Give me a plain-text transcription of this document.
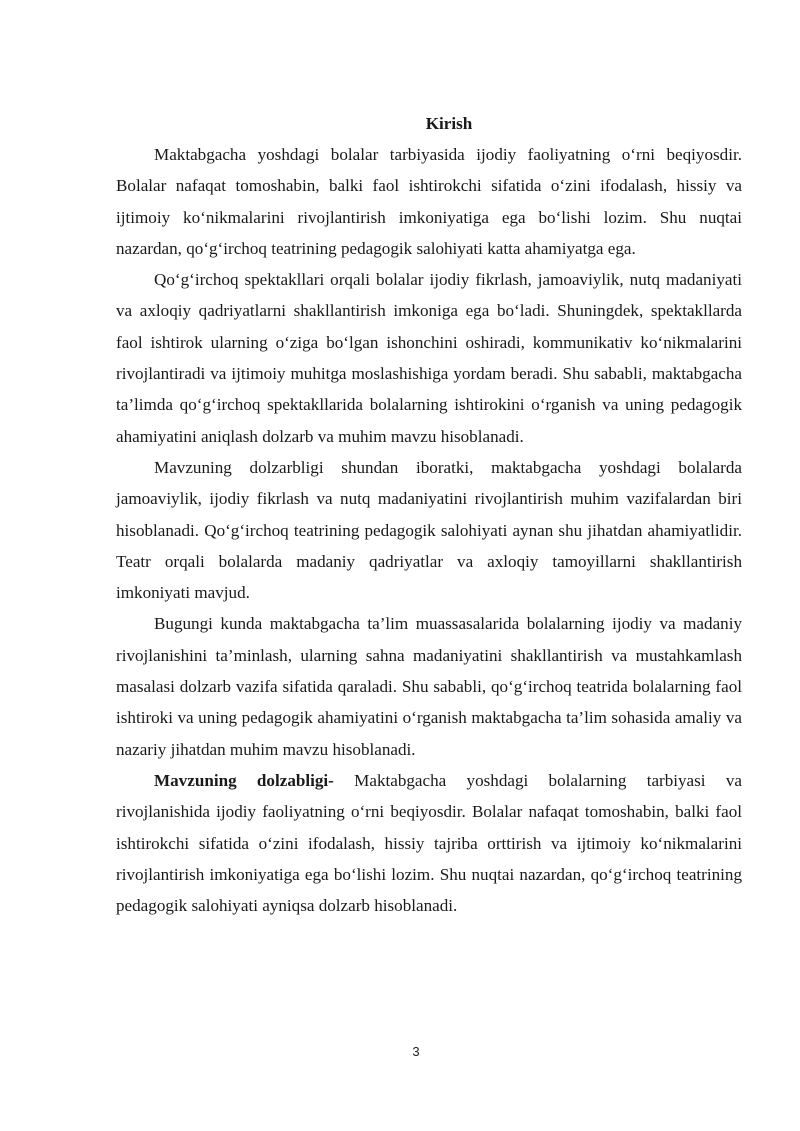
Kirish

Maktabgacha yoshdagi bolalar tarbiyasida ijodiy faoliyatning o‘rni beqiyosdir. Bolalar nafaqat tomoshabin, balki faol ishtirokchi sifatida o‘zini ifodalash, hissiy va ijtimoiy ko‘nikmalarini rivojlantirish imkoniyatiga ega bo‘lishi lozim. Shu nuqtai nazardan, qo‘g‘irchoq teatrining pedagogik salohiyati katta ahamiyatga ega.

Qo‘g‘irchoq spektakllari orqali bolalar ijodiy fikrlash, jamoaviylik, nutq madaniyati va axloqiy qadriyatlarni shakllantirish imkoniga ega bo‘ladi. Shuningdek, spektakllarda faol ishtirok ularning o‘ziga bo‘lgan ishonchini oshiradi, kommunikativ ko‘nikmalarini rivojlantiradi va ijtimoiy muhitga moslashishiga yordam beradi. Shu sababli, maktabgacha ta’limda qo‘g‘irchoq spektakllarida bolalarning ishtirokini o‘rganish va uning pedagogik ahamiyatini aniqlash dolzarb va muhim mavzu hisoblanadi.

Mavzuning dolzarbligi shundan iboratki, maktabgacha yoshdagi bolalarda jamoaviylik, ijodiy fikrlash va nutq madaniyatini rivojlantirish muhim vazifalardan biri hisoblanadi. Qo‘g‘irchoq teatrining pedagogik salohiyati aynan shu jihatdan ahamiyatlidir. Teatr orqali bolalarda madaniy qadriyatlar va axloqiy tamoyillarni shakllantirish imkoniyati mavjud.

Bugungi kunda maktabgacha ta’lim muassasalarida bolalarning ijodiy va madaniy rivojlanishini ta’minlash, ularning sahna madaniyatini shakllantirish va mustahkamlash masalasi dolzarb vazifa sifatida qaraladi. Shu sababli, qo‘g‘irchoq teatrida bolalarning faol ishtiroki va uning pedagogik ahamiyatini o‘rganish maktabgacha ta’lim sohasida amaliy va nazariy jihatdan muhim mavzu hisoblanadi.

Mavzuning dolzabligi- Maktabgacha yoshdagi bolalarning tarbiyasi va rivojlanishida ijodiy faoliyatning o‘rni beqiyosdir. Bolalar nafaqat tomoshabin, balki faol ishtirokchi sifatida o‘zini ifodalash, hissiy tajriba orttirish va ijtimoiy ko‘nikmalarini rivojlantirish imkoniyatiga ega bo‘lishi lozim. Shu nuqtai nazardan, qo‘g‘irchoq teatrining pedagogik salohiyati ayniqsa dolzarb hisoblanadi.

3
